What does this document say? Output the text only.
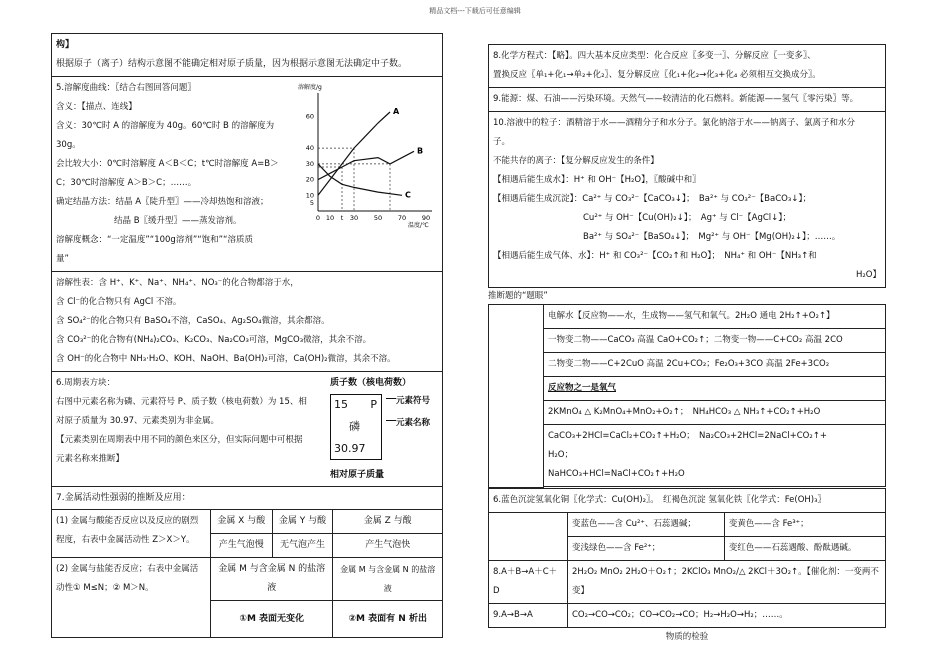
精品文档---下载后可任意编辑
构】
根据原子（离子）结构示意图不能确定相对原子质量，因为根据示意图无法确定中子数。

5.溶解度曲线：〖结合右图回答问题〗
含义：【描点、连线】
含义：30℃时 A 的溶解度为 40g。60℃时 B 的溶解度为
30g。
会比较大小：0℃时溶解度 A＜B＜C；t℃时溶解度 A=B＞
C；30℃时溶解度 A＞B＞C；……。
确定结晶方法：结晶 A〖陡升型〗——冷却热饱和溶液；
结晶 B〖缓升型〗——蒸发溶剂。
溶解度概念：“一定温度”“100g溶剂”“饱和”“溶质质
量”
溶解度/g
温度/℃
5
10
20
30
40
60
0 10 t 30 50 70 90
A
B
C

溶解性表：含 H⁺、K⁺、Na⁺、NH₄⁺、NO₃⁻的化合物都溶于水，
含 Cl⁻的化合物只有 AgCl 不溶。
含 SO₄²⁻的化合物只有 BaSO₄不溶，CaSO₄、Ag₂SO₄微溶，其余都溶。
含 CO₃²⁻的化合物有(NH₄)₂CO₃、K₂CO₃、Na₂CO₃可溶，MgCO₃微溶，其余不溶。
含 OH⁻的化合物中 NH₃·H₂O、KOH、NaOH、Ba(OH)₂可溶，Ca(OH)₂微溶，其余不溶。

6.周期表方块：
右图中元素名称为磷、元素符号 P、质子数（核电荷数）为 15、相
对原子质量为 30.97、元素类别为非金属。
【元素类别在周期表中用不同的颜色来区分，但实际问题中可根据
元素名称来推断】
质子数（核电荷数）
15 P
磷
30.97
元素符号
元素名称
相对原子质量

7.金属活动性强弱的推断及应用：
(1) 金属与酸能否反应以及反应的剧烈程度，右表中金属活动性 Z＞X＞Y。	金属 X 与酸	金属 Y 与酸	金属 Z 与酸
产生气泡慢	无气泡产生	产生气泡快
(2) 金属与盐能否反应；右表中金属活动性① M≤N；② M＞N。	金属 M 与含金属 N 的盐溶液	金属 M 与含金属 N 的盐溶液
①M 表面无变化	②M 表面有 N 析出
8.化学方程式：【略】。四大基本反应类型：化合反应〖多变一〗、分解反应〖一变多〗、
置换反应〖单₁+化₁→单₂+化₂〗、复分解反应〖化₁+化₂→化₃+化₄ 必须相互交换成分〗。

9.能源：煤、石油——污染环境。天然气——较清洁的化石燃料。新能源——氢气〖零污染〗等。

10.溶液中的粒子：酒精溶于水——酒精分子和水分子。氯化钠溶于水——钠离子、氯离子和水分
子。
不能共存的离子：【复分解反应发生的条件】
【相遇后能生成水】：H⁺ 和 OH⁻【H₂O】，〖酸碱中和〗
【相遇后能生成沉淀】：Ca²⁺ 与 CO₃²⁻【CaCO₃↓】；　Ba²⁺ 与 CO₃²⁻【BaCO₃↓】；
Cu²⁺ 与 OH⁻【Cu(OH)₂↓】；　Ag⁺ 与 Cl⁻【AgCl↓】；
Ba²⁺ 与 SO₄²⁻【BaSO₄↓】；　Mg²⁺ 与 OH⁻【Mg(OH)₂↓】；……。
【相遇后能生成气体、水】：H⁺ 和 CO₃²⁻【CO₂↑和 H₂O】；　NH₄⁺ 和 OH⁻【NH₃↑和
H₂O】
推断题的“题眼”
	电解水【反应物——水，生成物——氢气和氧气。2H₂O 通电 2H₂↑+O₂↑】
一物变二物——CaCO₃ 高温 CaO+CO₂↑；二物变一物——C+CO₂ 高温 2CO
二物变二物——C+2CuO 高温 2Cu+CO₂；Fe₂O₃+3CO 高温 2Fe+3CO₂
反应物之一是氧气
2KMnO₄ △ K₂MnO₄+MnO₂+O₂↑；　NH₄HCO₃ △ NH₃↑+CO₂↑+H₂O

CaCO₃+2HCl=CaCl₂+CO₂↑+H₂O；　Na₂CO₃+2HCl=2NaCl+CO₂↑+
H₂O；
NaHCO₃+HCl=NaCl+CO₂↑+H₂O

6.蓝色沉淀氢氧化铜〖化学式：Cu(OH)₂〗。　红褐色沉淀 氢氧化铁〖化学式：Fe(OH)₃〗		
	变蓝色——含 Cu²⁺、石蕊遇碱；	变黄色——含 Fe³⁺；
	变浅绿色——含 Fe²⁺；	变红色——石蕊遇酸、酚酞遇碱。
8.A＋B→A＋C＋D	2H₂O₂ MnO₂ 2H₂O＋O₂↑；2KClO₃ MnO₂/△ 2KCl＋3O₂↑。【催化剂：一变两不变】	
9.A→B→A	CO₂→CO→CO₂；CO→CO₂→CO；H₂→H₂O→H₂；……。	
物质的检验
